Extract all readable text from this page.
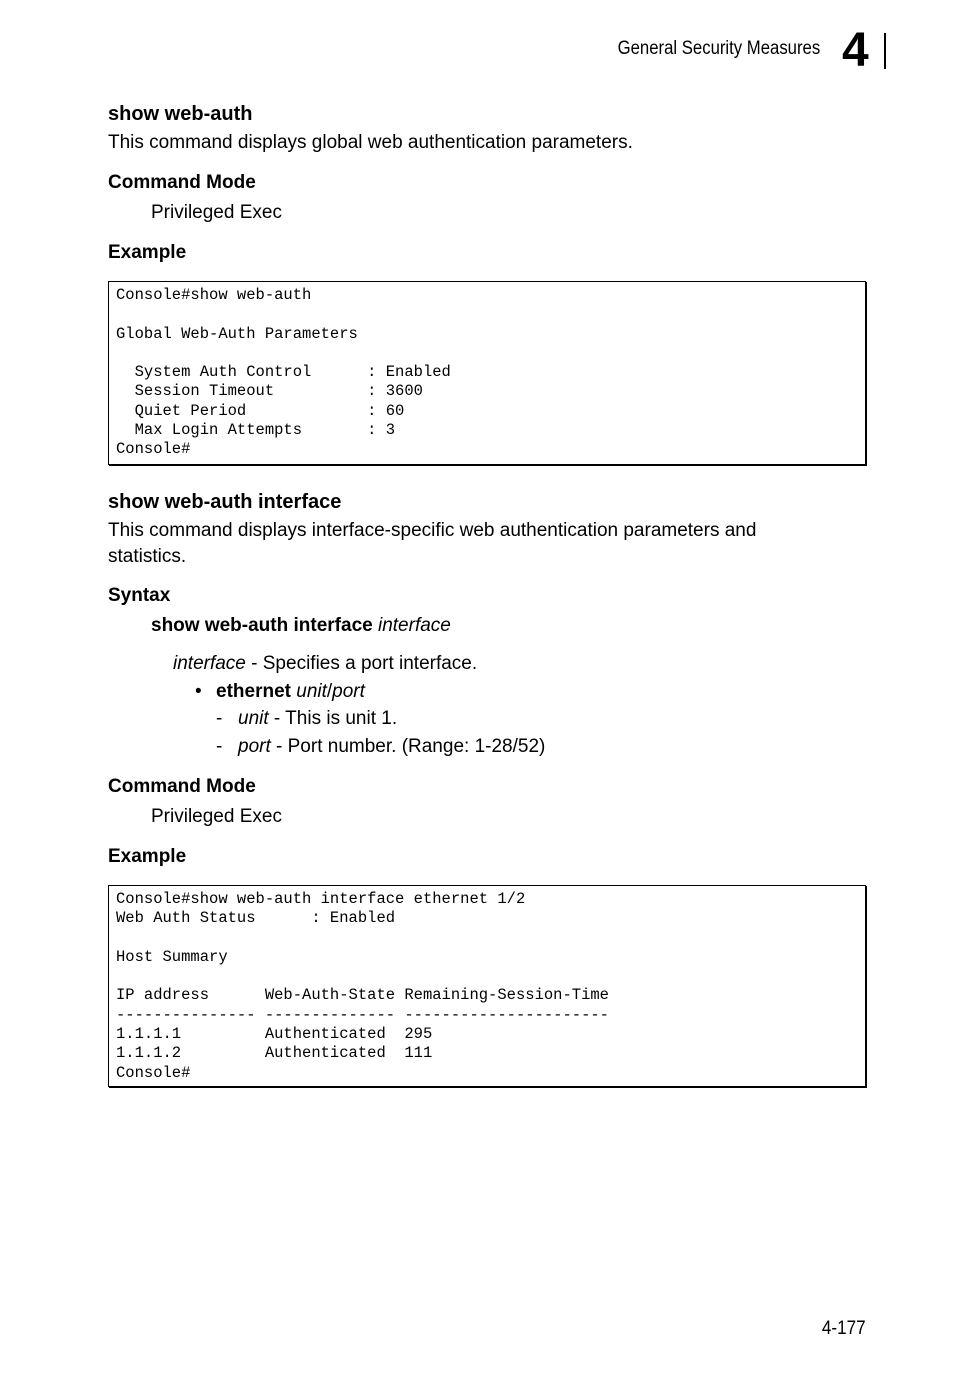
General Security Measures 4
show web-auth
This command displays global web authentication parameters.
Command Mode
Privileged Exec
Example
Console#show web-auth

Global Web-Auth Parameters

System Auth Control      : Enabled
Session Timeout          : 3600
Quiet Period             : 60
Max Login Attempts       : 3
Console#
show web-auth interface
This command displays interface-specific web authentication parameters and
statistics.
Syntax
show web-auth interface interface
interface - Specifies a port interface.
• ethernet unit/port
- unit - This is unit 1.
- port - Port number. (Range: 1-28/52)
Command Mode
Privileged Exec
Example
Console#show web-auth interface ethernet 1/2
Web Auth Status      : Enabled

Host Summary

IP address      Web-Auth-State Remaining-Session-Time
--------------- -------------- ----------------------
1.1.1.1         Authenticated  295
1.1.1.2         Authenticated  111
Console#
4-177
